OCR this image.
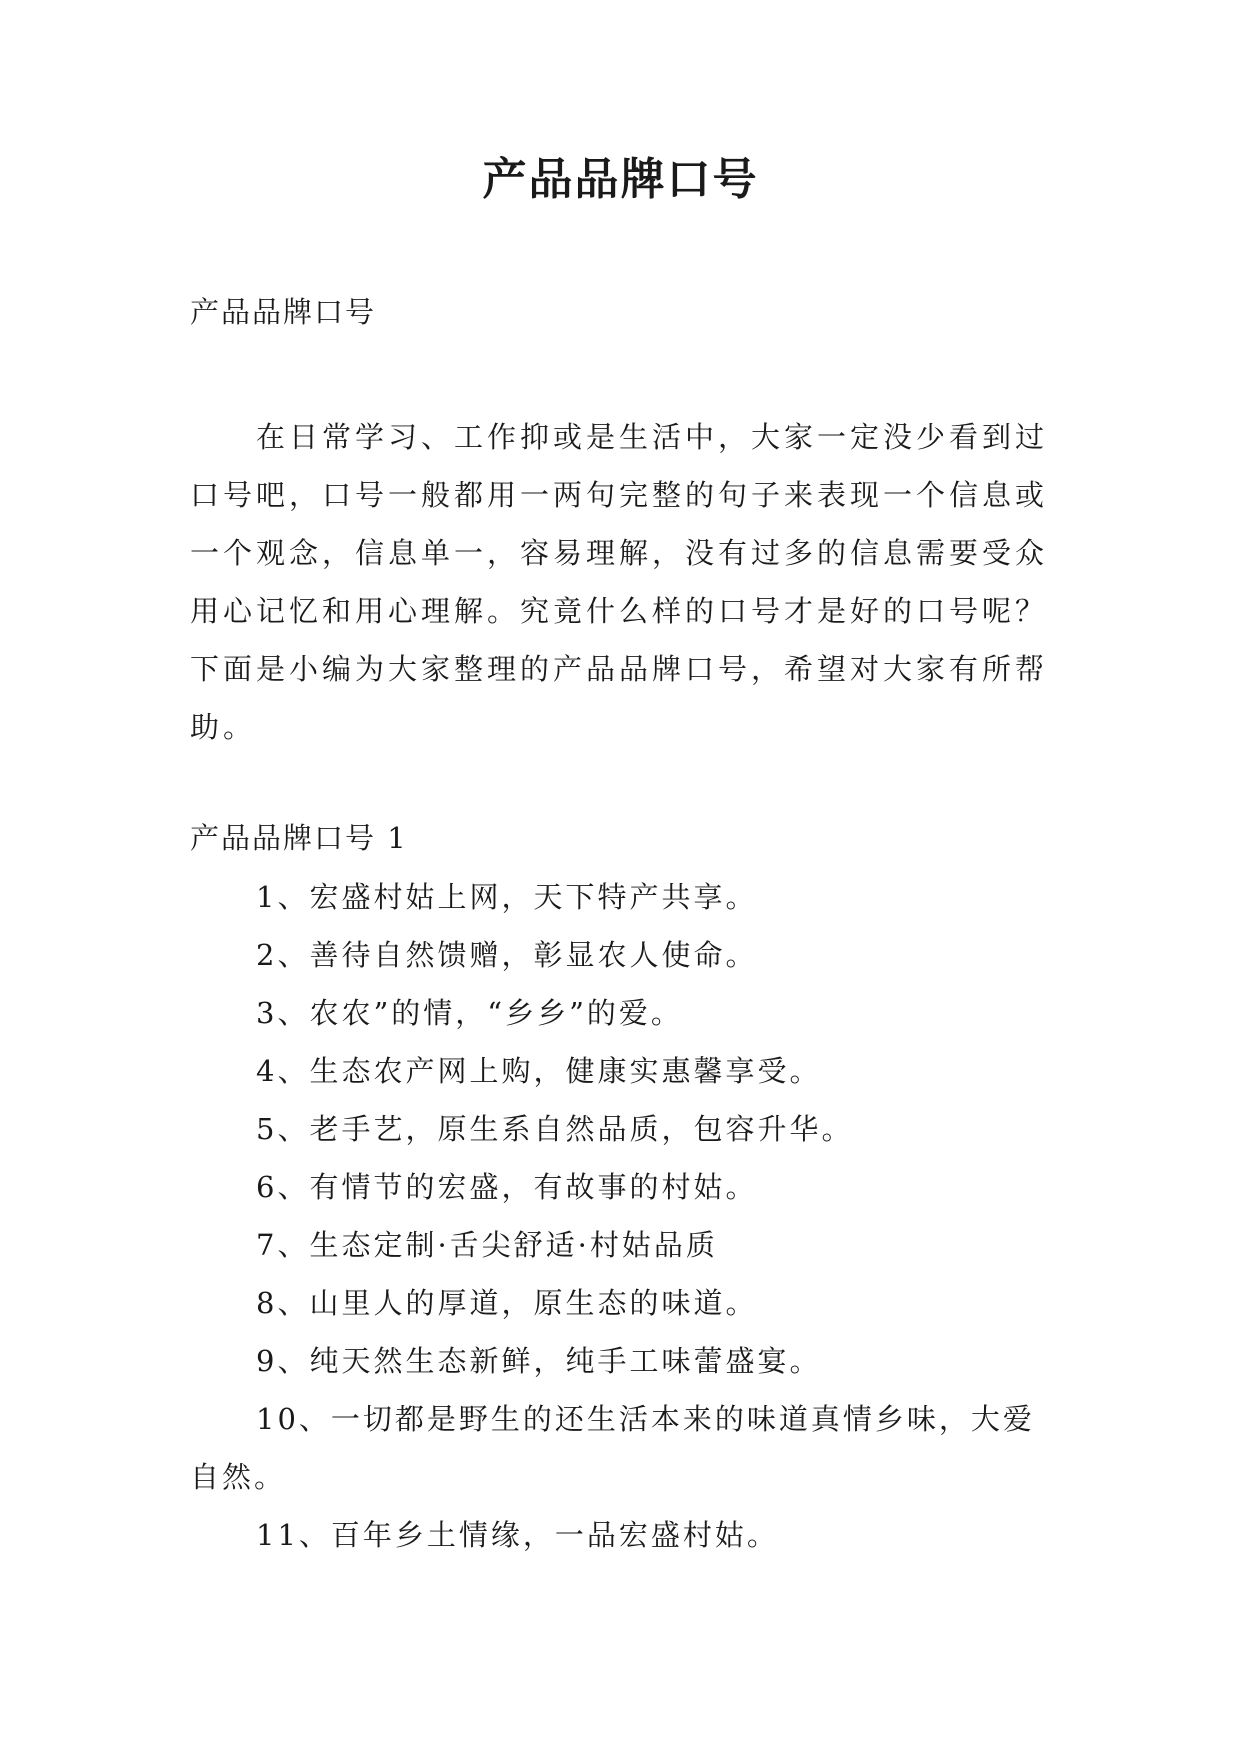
产品品牌口号

产品品牌口号

在日常学习、工作抑或是生活中，大家一定没少看到过口号吧，口号一般都用一两句完整的句子来表现一个信息或一个观念，信息单一，容易理解，没有过多的信息需要受众用心记忆和用心理解。究竟什么样的口号才是好的口号呢？下面是小编为大家整理的产品品牌口号，希望对大家有所帮助。

产品品牌口号 1

1、宏盛村姑上网，天下特产共享。
2、善待自然馈赠，彰显农人使命。
3、农农”的情，“乡乡”的爱。
4、生态农产网上购，健康实惠馨享受。
5、老手艺，原生系自然品质，包容升华。
6、有情节的宏盛，有故事的村姑。
7、生态定制·舌尖舒适·村姑品质
8、山里人的厚道，原生态的味道。
9、纯天然生态新鲜，纯手工味蕾盛宴。
10、一切都是野生的还生活本来的味道真情乡味，大爱自然。
11、百年乡土情缘，一品宏盛村姑。
